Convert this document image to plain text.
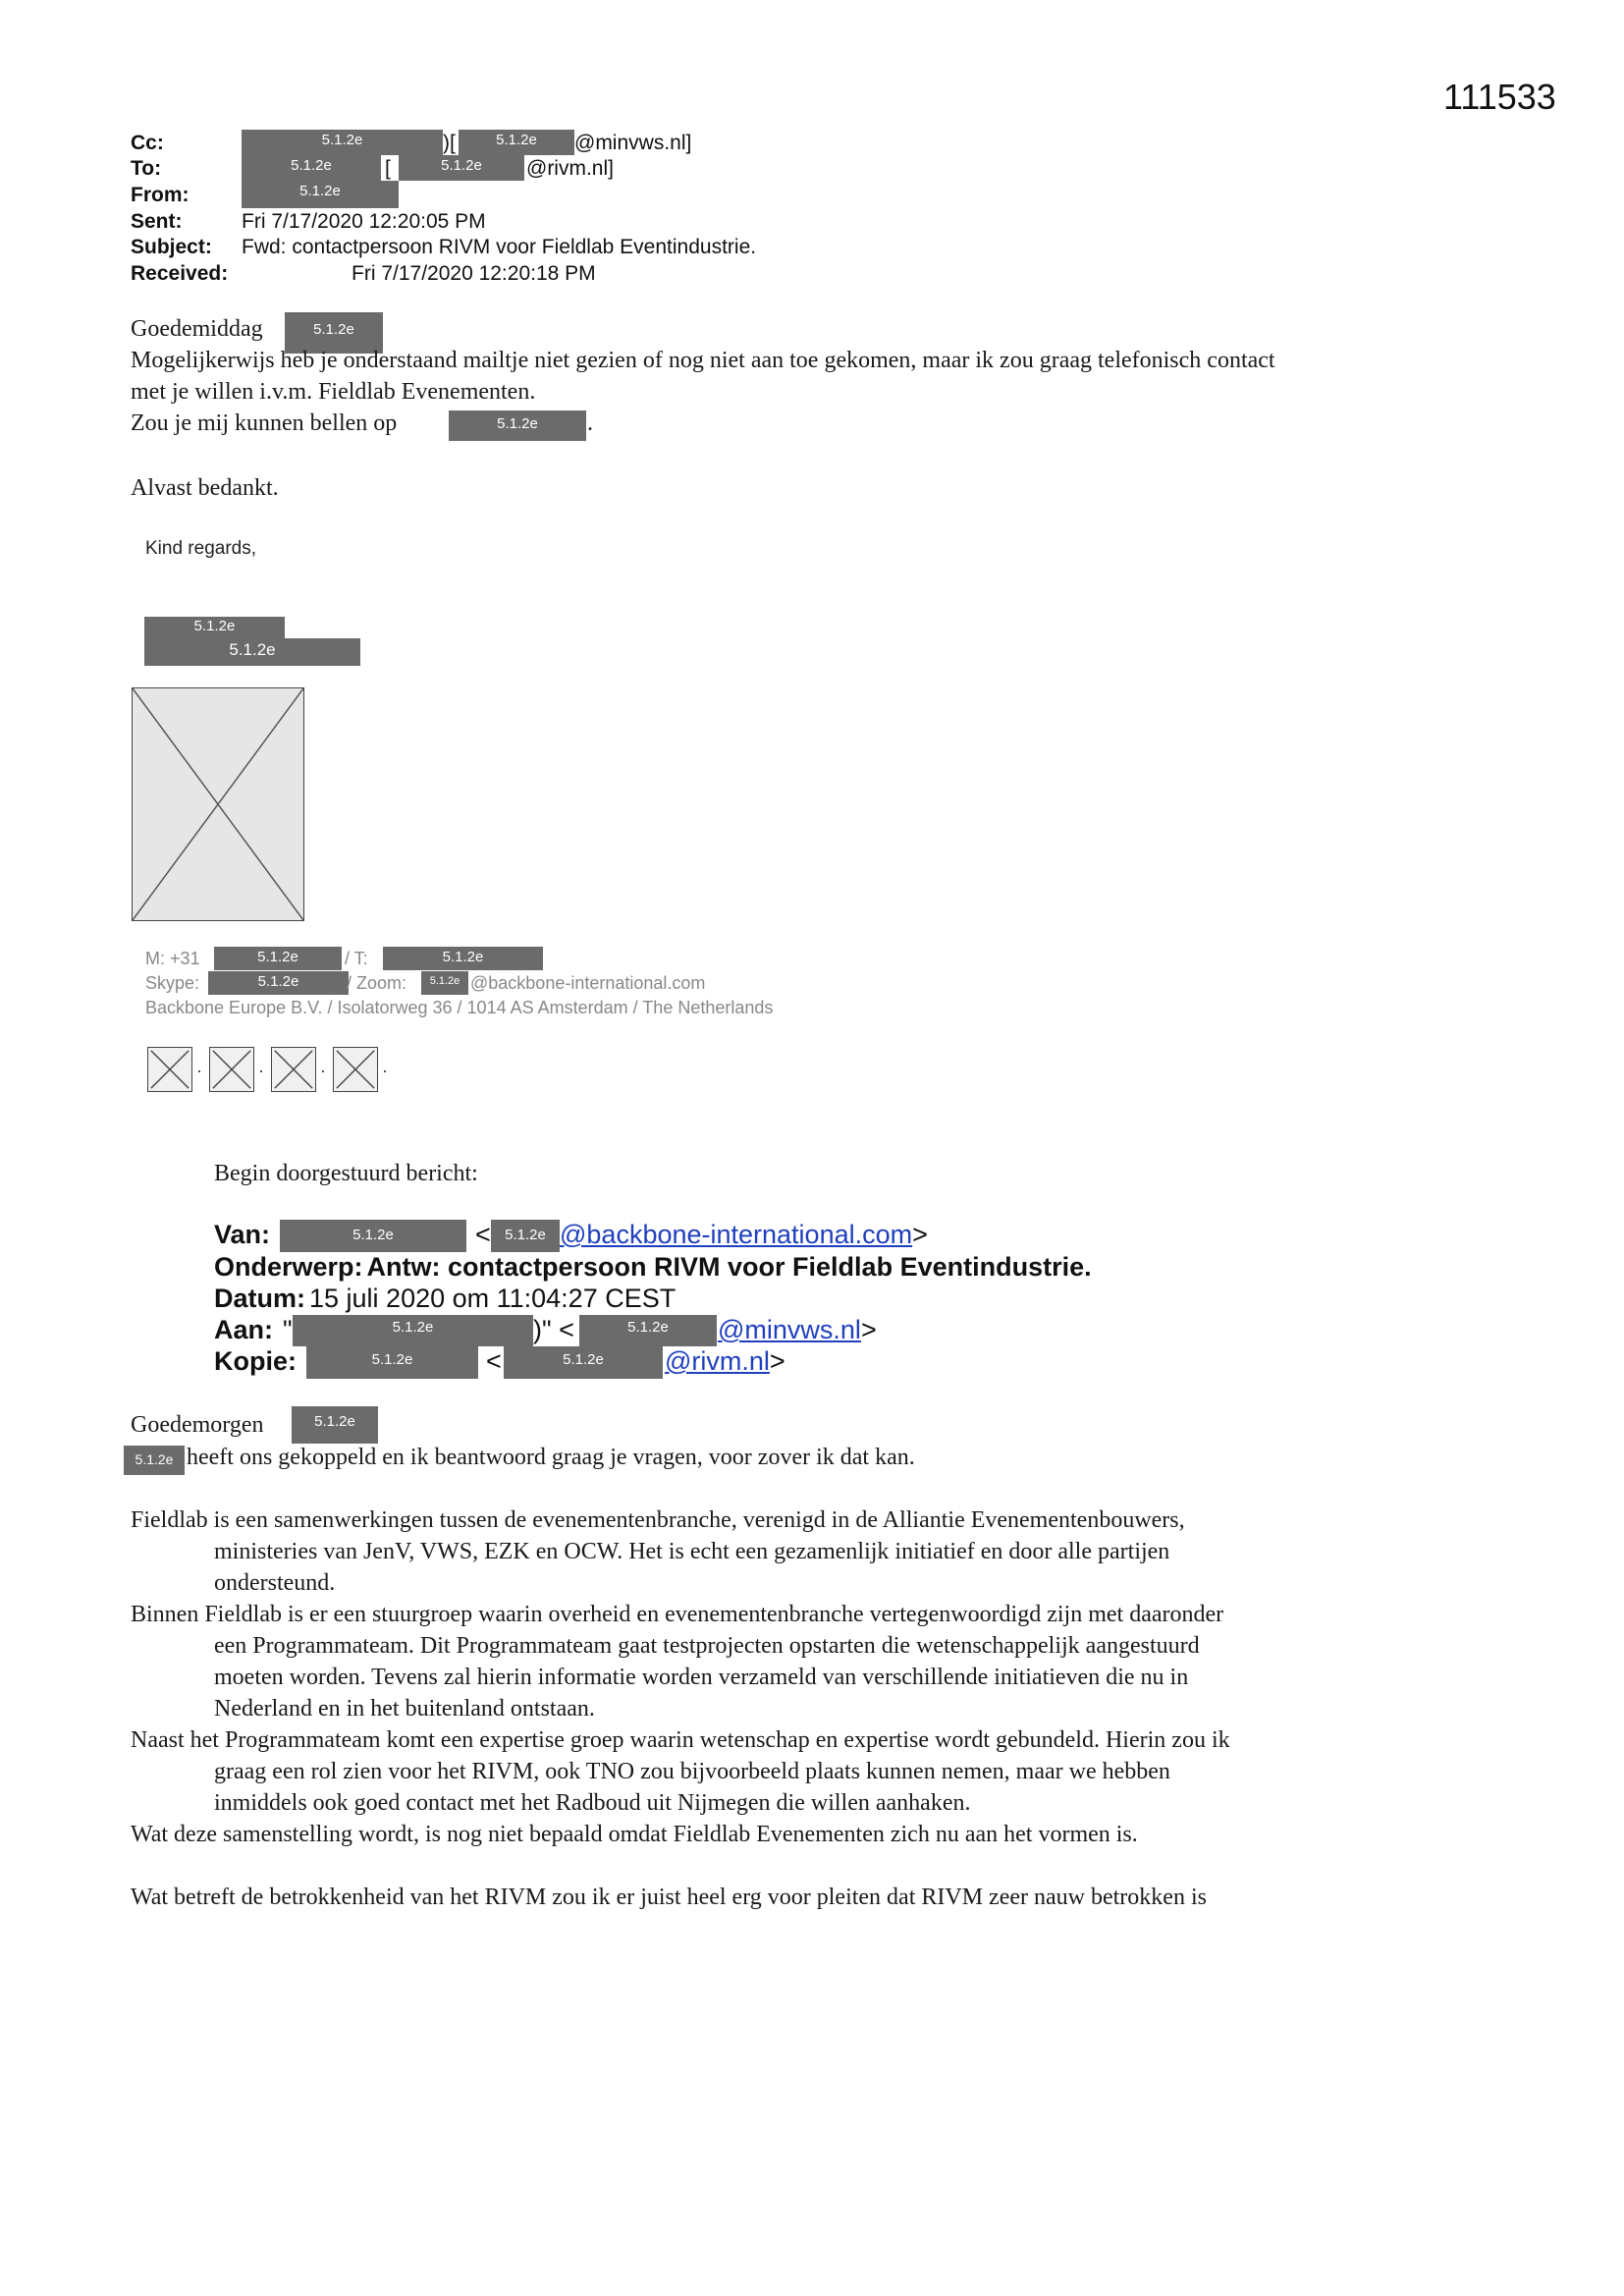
111533
Cc:	5.1.2e	)[	5.1.2e	@minvws.nl]
To:	5.1.2e	[	5.1.2e	@rivm.nl]
From:	5.1.2e
Sent:	Fri 7/17/2020 12:20:05 PM
Subject: Fwd: contactpersoon RIVM voor Fieldlab Eventindustrie.
Received:	Fri 7/17/2020 12:20:18 PM
Goedemiddag	5.1.2e
Mogelijkerwijs heb je onderstaand mailtje niet gezien of nog niet aan toe gekomen, maar ik zou graag telefonisch contact
met je willen i.v.m. Fieldlab Evenementen.
Zou je mij kunnen bellen op	5.1.2e	.
Alvast bedankt.
Kind regards,
5.1.2e
5.1.2e
M: +31	5.1.2e	/ T:	5.1.2e
Skype:	5.1.2e	/ Zoom:	5.1.2e @backbone-international.com
Backbone Europe B.V. / Isolatorweg 36 / 1014 AS Amsterdam / The Netherlands
·	·	·	·
Begin doorgestuurd bericht:
Van:	5.1.2e	< 5.1.2e @backbone-international.com>
Onderwerp: Antw: contactpersoon RIVM voor Fieldlab Eventindustrie.
Datum: 15 juli 2020 om 11:04:27 CEST
Aan: "	5.1.2e	)" <	5.1.2e	@minvws.nl>
Kopie:	5.1.2e	<	5.1.2e	@rivm.nl>
Goedemorgen	5.1.2e
5.1.2e heeft ons gekoppeld en ik beantwoord graag je vragen, voor zover ik dat kan.
Fieldlab is een samenwerkingen tussen de evenementenbranche, verenigd in de Alliantie Evenementenbouwers,
ministeries van JenV, VWS, EZK en OCW. Het is echt een gezamenlijk initiatief en door alle partijen
ondersteund.
Binnen Fieldlab is er een stuurgroep waarin overheid en evenementenbranche vertegenwoordigd zijn met daaronder
een Programmateam. Dit Programmateam gaat testprojecten opstarten die wetenschappelijk aangestuurd
moeten worden. Tevens zal hierin informatie worden verzameld van verschillende initiatieven die nu in
Nederland en in het buitenland ontstaan.
Naast het Programmateam komt een expertise groep waarin wetenschap en expertise wordt gebundeld. Hierin zou ik
graag een rol zien voor het RIVM, ook TNO zou bijvoorbeeld plaats kunnen nemen, maar we hebben
inmiddels ook goed contact met het Radboud uit Nijmegen die willen aanhaken.
Wat deze samenstelling wordt, is nog niet bepaald omdat Fieldlab Evenementen zich nu aan het vormen is.
Wat betreft de betrokkenheid van het RIVM zou ik er juist heel erg voor pleiten dat RIVM zeer nauw betrokken is
